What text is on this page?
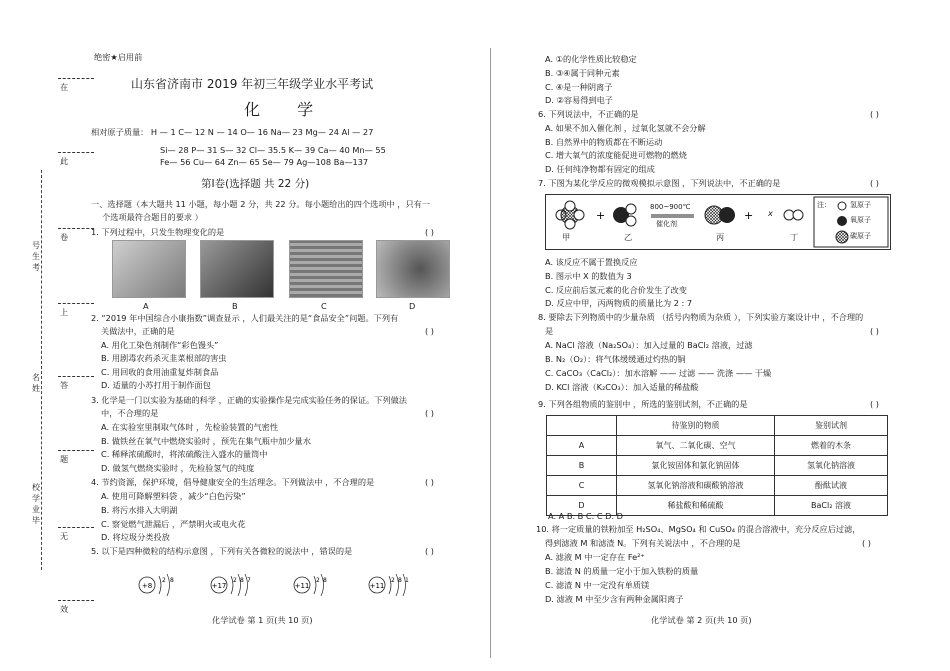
在
此
卷
上
答
题
无
效
号生考
名姓
校学业毕
绝密★启用前
山东省济南市 2019 年初三年级学业水平考试
化 学
相对原子质量： H — 1 C— 12 N — 14 O— 16 Na— 23 Mg— 24 Al — 27
Si— 28 P— 31 S— 32 Cl— 35.5 K— 39 Ca— 40 Mn— 55
Fe— 56 Cu— 64 Zn— 65 Se— 79 Ag—108 Ba—137
第Ⅰ卷(选择题 共 22 分)
一、选择题（本大题共 11 小题，每小题 2 分，共 22 分。每小题给出的四个选项中 ，只有一
个选项最符合题目的要求 ）
1. 下列过程中，只发生物理变化的是	( )
A	B	C	D
2. “2019 年中国综合小康指数”调查显示 ，人们最关注的是“食品安全”问题。下列有
关做法中，正确的是	( )
A. 用化工染色剂制作“彩色馒头”
B. 用剧毒农药杀灭韭菜根部的害虫
C. 用回收的食用油重复炸制食品
D. 适量的小苏打用于制作面包
3. 化学是一门以实验为基础的科学 ，正确的实验操作是完成实验任务的保证。下列做法
中，不合理的是	( )
A. 在实验室里制取气体时 ，先检验装置的气密性
B. 做铁丝在氧气中燃烧实验时 ，预先在集气瓶中加少量水
C. 稀释浓硫酸时，将浓硫酸注入盛水的量筒中
D. 做氢气燃烧实验时 ，先检验氢气的纯度
4. 节约资源，保护环境，倡导健康安全的生活理念。下列做法中 ，不合理的是	( )
A. 使用可降解塑料袋 ，减少“白色污染”
B. 将污水排入大明湖
C. 察觉燃气泄漏后 ，严禁明火或电火花
D. 将垃圾分类投放
5. 以下是四种微粒的结构示意图 ，下列有关各微粒的说法中 ，错误的是	( )
+8
2 8
+17
2 8 7
+11
2 8
+11
2 8 1
化学试卷 第 1 页(共 10 页)
A. ①的化学性质比较稳定
B. ③④属于同种元素
C. ④是一种阴离子
D. ②容易得到电子
6. 下列说法中，不正确的是	( )
A. 如果不加入催化剂 ，过氧化氢就不会分解
B. 自然界中的物质都在不断运动
C. 增大氧气的浓度能促进可燃物的燃烧
D. 任何纯净物都有固定的组成
7. 下图为某化学反应的微观模拟示意图 ，下列说法中，不正确的是	( )
+	+
甲	乙	丙	丁
800~900℃
催化剂
x
注：	氢原子
氧原子
碳原子
A. 该反应不属于置换反应
B. 图示中 X 的数值为 3
C. 反应前后氢元素的化合价发生了改变
D. 反应中甲，丙两物质的质量比为 2 : 7
8. 要除去下列物质中的少量杂质 （括号内物质为杂质 ），下列实验方案设计中 ，不合理的
是	( )
A. NaCl 溶液（Na₂SO₄）：加入过量的 BaCl₂ 溶液，过滤
B. N₂（O₂）：将气体缓缓通过灼热的铜
C. CaCO₃（CaCl₂）：加水溶解 —— 过滤 —— 洗涤 —— 干燥
D. KCl 溶液（K₂CO₃）：加入适量的稀盐酸
9. 下列各组物质的鉴别中 ，所选的鉴别试剂，不正确的是	( )
	待鉴别的物质	鉴别试剂
A	氧气、二氧化碳、空气	燃着的木条
B	氯化铵固体和氯化钠固体	氢氧化钠溶液
C	氢氧化钠溶液和碳酸钠溶液	酚酞试液
D	稀盐酸和稀硫酸	BaCl₂ 溶液
A. A B. B C. C D. D
10. 将一定质量的铁粉加至 H₂SO₄、MgSO₄ 和 CuSO₄ 的混合溶液中，充分反应后过滤，
得到滤液 M 和滤渣 N。下列有关说法中 ，不合理的是	( )
A. 滤液 M 中一定存在 Fe²⁺
B. 滤渣 N 的质量一定小于加入铁粉的质量
C. 滤渣 N 中一定没有单质镁
D. 滤液 M 中至少含有两种金属阳离子
化学试卷 第 2 页(共 10 页)
